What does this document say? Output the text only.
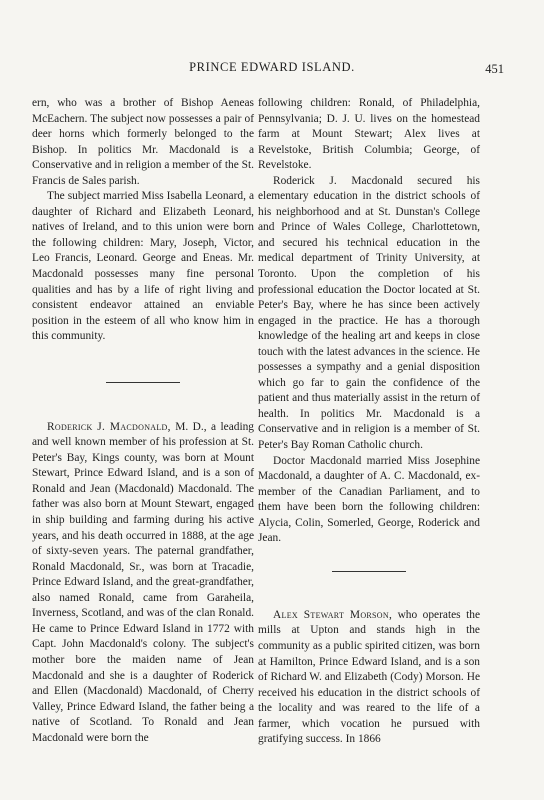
PRINCE EDWARD ISLAND.	451

ern, who was a brother of Bishop Aeneas McEachern. The subject now possesses a pair of deer horns which formerly belonged to the Bishop. In politics Mr. Macdonald is a Conservative and in religion a member of the St. Francis de Sales parish.

The subject married Miss Isabella Leonard, a daughter of Richard and Elizabeth Leonard, natives of Ireland, and to this union were born the following children: Mary, Joseph, Victor, Leo Francis, Leonard. George and Eneas. Mr. Macdonald possesses many fine personal qualities and has by a life of right living and consistent endeavor attained an enviable position in the esteem of all who know him in this community.

Roderick J. Macdonald, M. D., a leading and well known member of his profession at St. Peter's Bay, Kings county, was born at Mount Stewart, Prince Edward Island, and is a son of Ronald and Jean (Macdonald) Macdonald. The father was also born at Mount Stewart, engaged in ship building and farming during his active years, and his death occurred in 1888, at the age of sixty-seven years. The paternal grandfather, Ronald Macdonald, Sr., was born at Tracadie, Prince Edward Island, and the great-grandfather, also named Ronald, came from Garaheila, Inverness, Scotland, and was of the clan Ronald. He came to Prince Edward Island in 1772 with Capt. John Macdonald's colony. The subject's mother bore the maiden name of Jean Macdonald and she is a daughter of Roderick and Ellen (Macdonald) Macdonald, of Cherry Valley, Prince Edward Island, the father being a native of Scotland. To Ronald and Jean Macdonald were born the

following children: Ronald, of Philadelphia, Pennsylvania; D. J. U. lives on the homestead farm at Mount Stewart; Alex lives at Revelstoke, British Columbia; George, of Revelstoke.

Roderick J. Macdonald secured his elementary education in the district schools of his neighborhood and at St. Dunstan's College and Prince of Wales College, Charlottetown, and secured his technical education in the medical department of Trinity University, at Toronto. Upon the completion of his professional education the Doctor located at St. Peter's Bay, where he has since been actively engaged in the practice. He has a thorough knowledge of the healing art and keeps in close touch with the latest advances in the science. He possesses a sympathy and a genial disposition which go far to gain the confidence of the patient and thus materially assist in the return of health. In politics Mr. Macdonald is a Conservative and in religion is a member of St. Peter's Bay Roman Catholic church.

Doctor Macdonald married Miss Josephine Macdonald, a daughter of A. C. Macdonald, ex-member of the Canadian Parliament, and to them have been born the following children: Alycia, Colin, Somerled, George, Roderick and Jean.

Alex Stewart Morson, who operates the mills at Upton and stands high in the community as a public spirited citizen, was born at Hamilton, Prince Edward Island, and is a son of Richard W. and Elizabeth (Cody) Morson. He received his education in the district schools of the locality and was reared to the life of a farmer, which vocation he pursued with gratifying success. In 1866
